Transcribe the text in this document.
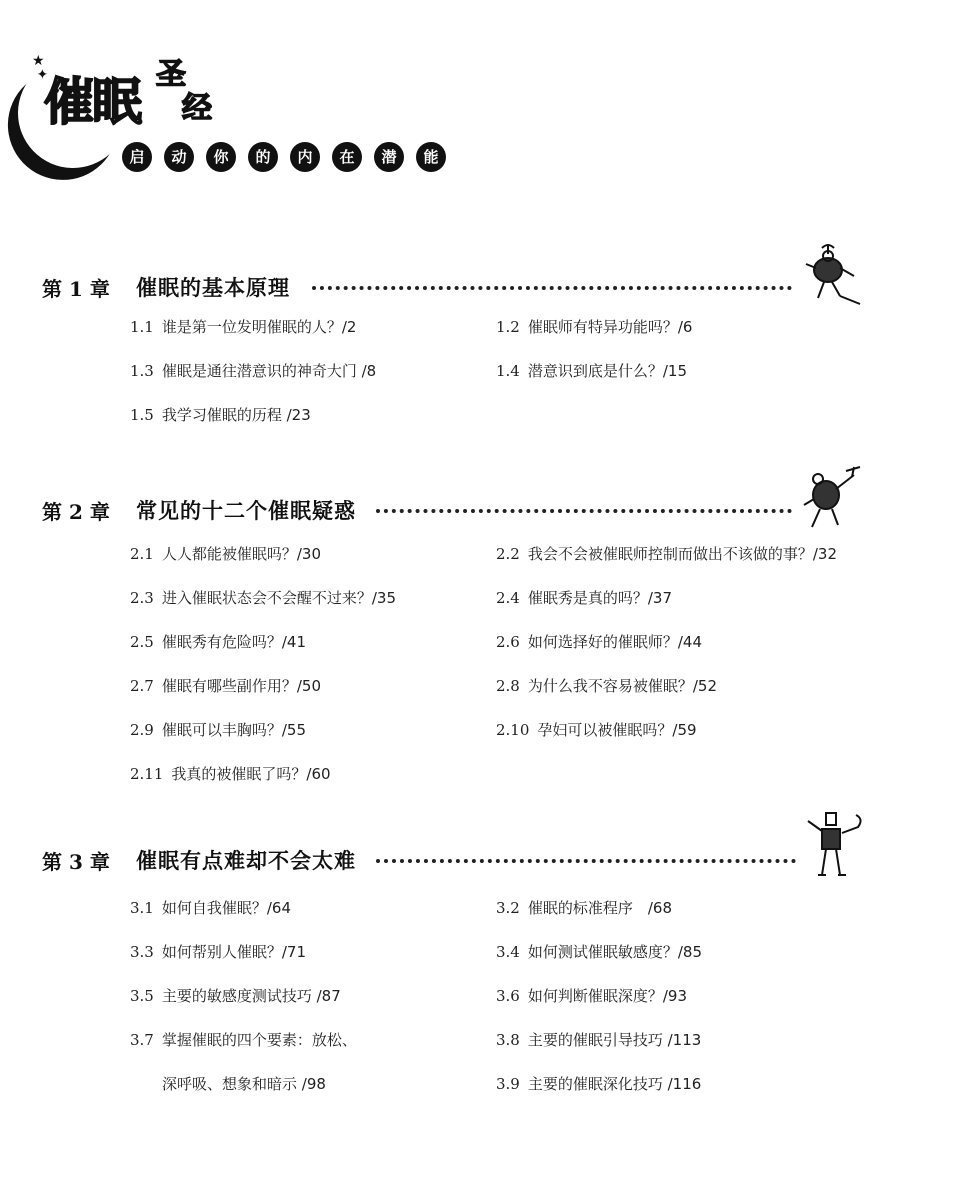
★
✦
催眠 圣
经
启	动	你	的	内	在	潜	能
第 1 章	催眠的基本原理
1.1 谁是第一位发明催眠的人？/2	1.2 催眠师有特异功能吗？/6
1.3 催眠是通往潜意识的神奇大门 /8	1.4 潜意识到底是什么？/15
1.5 我学习催眠的历程 /23
第 2 章	常见的十二个催眠疑惑
2.1 人人都能被催眠吗？/30	2.2 我会不会被催眠师控制而做出不该做的事？/32
2.3 进入催眠状态会不会醒不过来？/35	2.4 催眠秀是真的吗？/37
2.5 催眠秀有危险吗？/41	2.6 如何选择好的催眠师？/44
2.7 催眠有哪些副作用？/50	2.8 为什么我不容易被催眠？/52
2.9 催眠可以丰胸吗？/55	2.10 孕妇可以被催眠吗？/59
2.11 我真的被催眠了吗？/60
第 3 章	催眠有点难却不会太难
3.1 如何自我催眠？/64	3.2 催眠的标准程序　/68
3.3 如何帮别人催眠？/71	3.4 如何测试催眠敏感度？/85
3.5 主要的敏感度测试技巧 /87	3.6 如何判断催眠深度？/93
3.7 掌握催眠的四个要素：放松、	3.8 主要的催眠引导技巧 /113
深呼吸、想象和暗示 /98	3.9 主要的催眠深化技巧 /116
